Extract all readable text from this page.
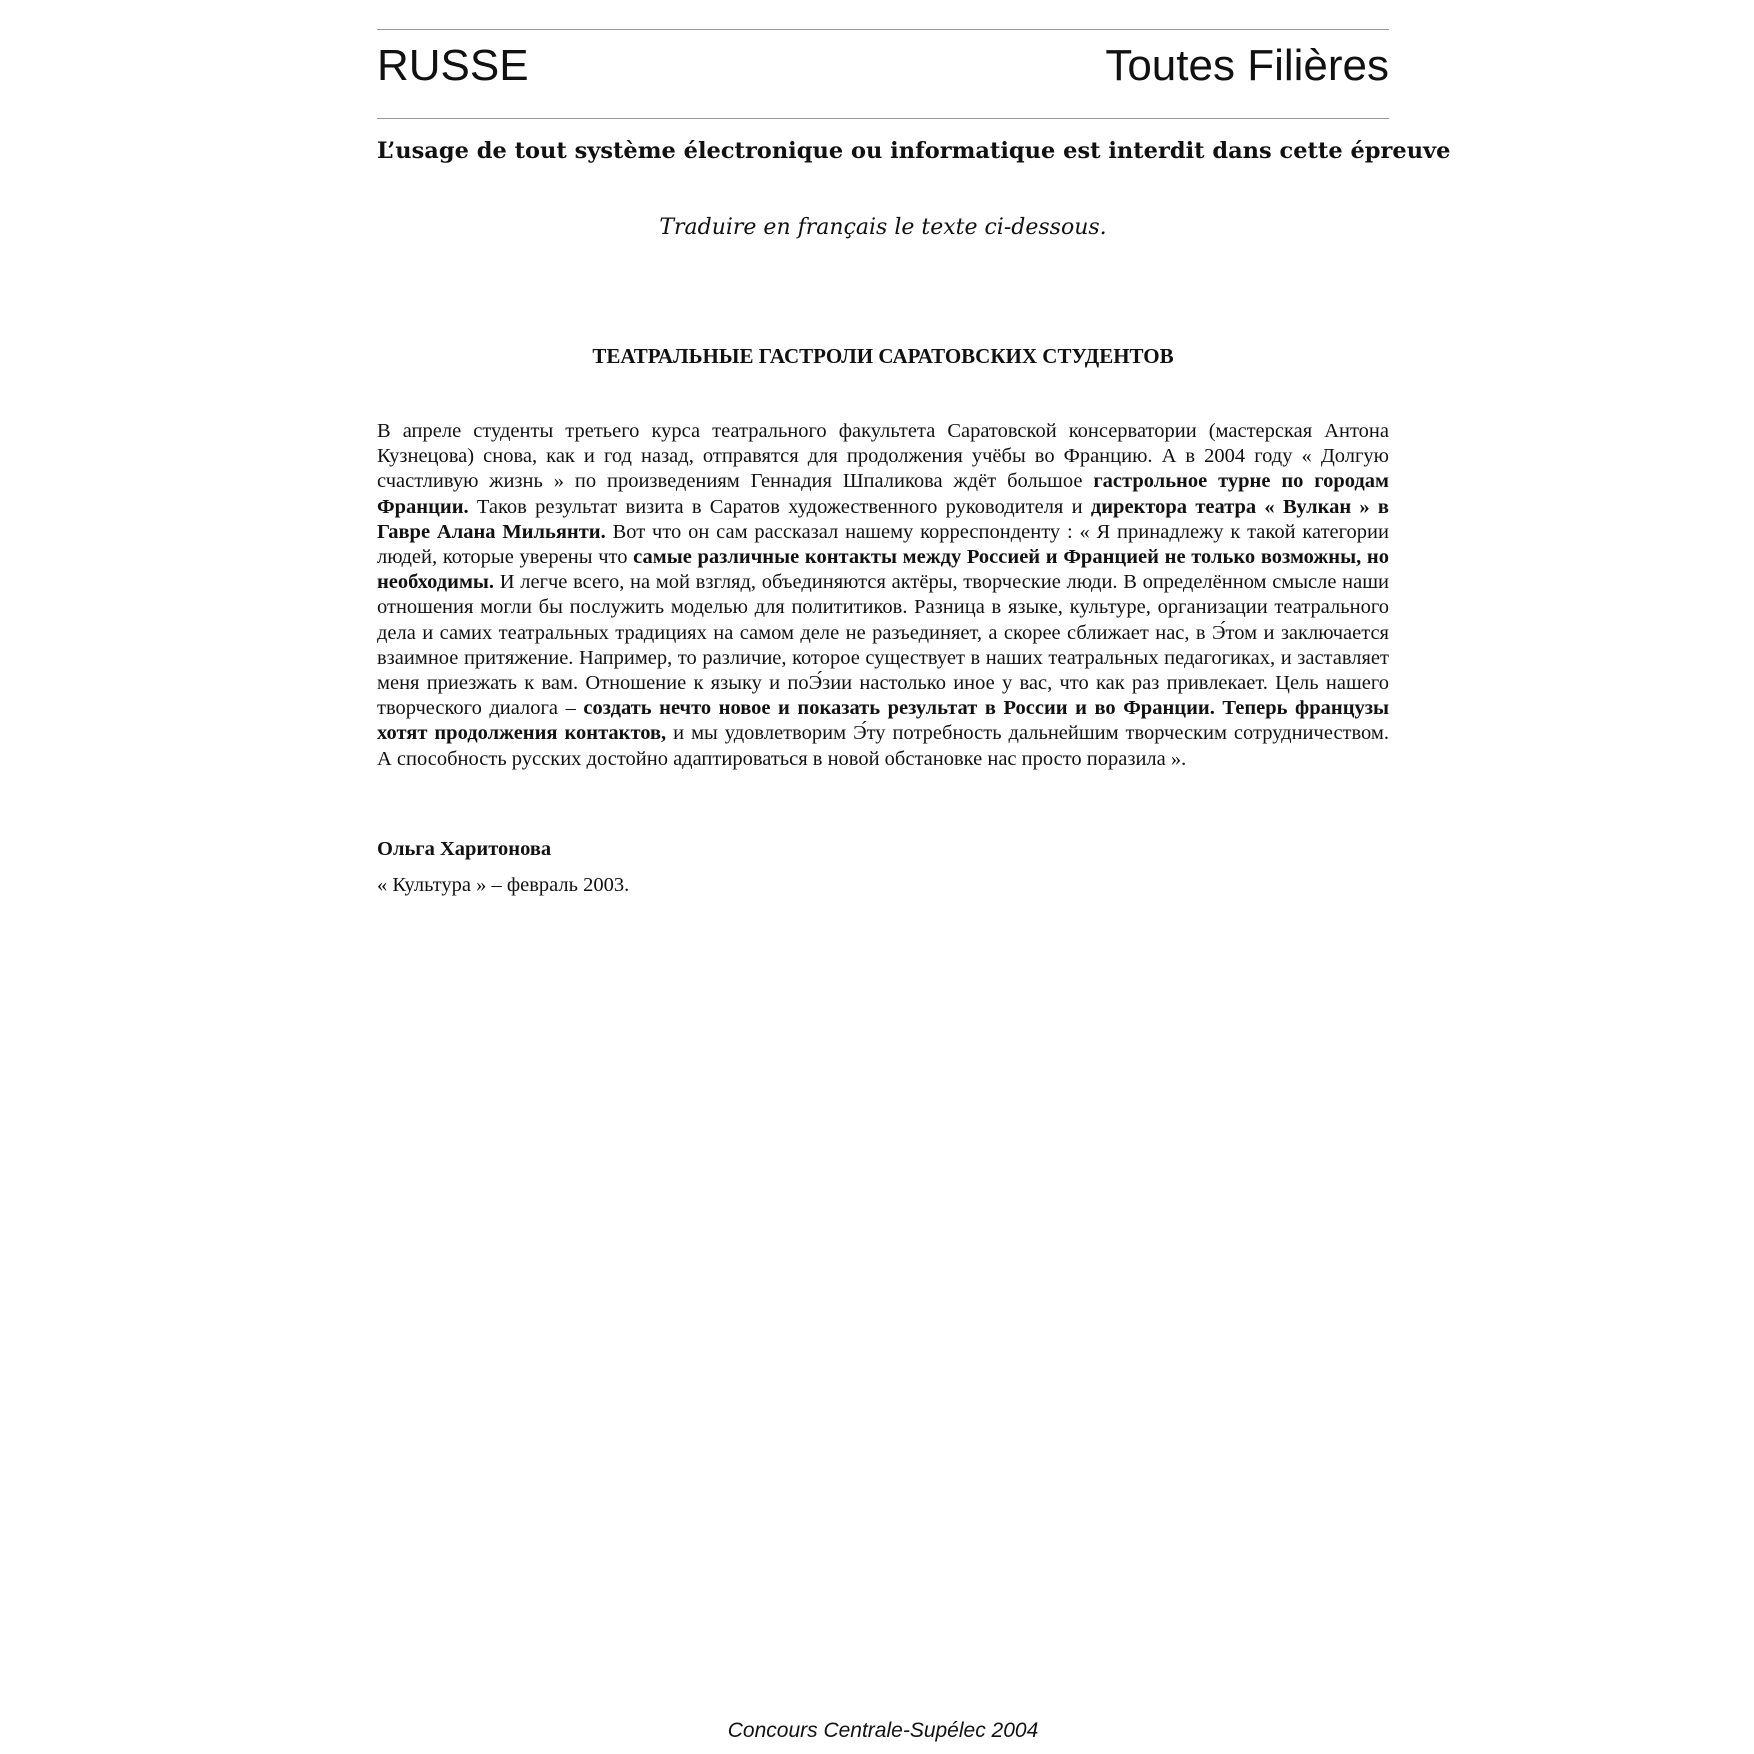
RUSSE	Toutes Filières
L’usage de tout système électronique ou informatique est interdit dans cette épreuve
Traduire en français le texte ci-dessous.
ТЕАТРАЛЬНЫЕ ГАСТРОЛИ САРАТОВСКИХ СТУДЕНТОВ

В апреле студенты третьего курса театрального факультета Саратовской консерватории (мастерская Антона Кузнецова) снова, как и год назад, отправятся для продолжения учёбы во Францию. А в 2004 году « Долгую счастливую жизнь » по произведениям Геннадия Шпаликова ждёт большое гастрольное турне по городам Франции. Таков результат визита в Саратов художественного руководителя и директора театра « Вулкан » в Гавре Алана Мильянти. Вот что он сам рассказал нашему корреспонденту : « Я принадлежу к такой категории людей, которые уверены что самые различные контакты между Россией и Францией не только возможны, но необходимы. И легче всего, на мой взгляд, объединяются актёры, творческие люди. В определённом смысле наши отношения могли бы послужить моделью для полититиков. Разница в языке, культуре, организации театрального дела и самих театральных традициях на самом деле не разъединяет, а скорее сближает нас, в Э́том и заключается взаимное притяжение. Например, то различие, которое существует в наших театральных педагогиках, и заставляет меня приезжать к вам. Отношение к языку и поЭ́зии настолько иное у вас, что как раз привлекает. Цель нашего творческого диалога – создать нечто новое и показать результат в России и во Франции. Теперь французы хотят продолжения контактов, и мы удовлетворим Э́ту потребность дальнейшим творческим сотрудничеством. А способность русских достойно адаптироваться в новой обстановке нас просто поразила ».

Ольга Харитонова
« Культура » – февраль 2003.
Concours Centrale-Supélec 2004
